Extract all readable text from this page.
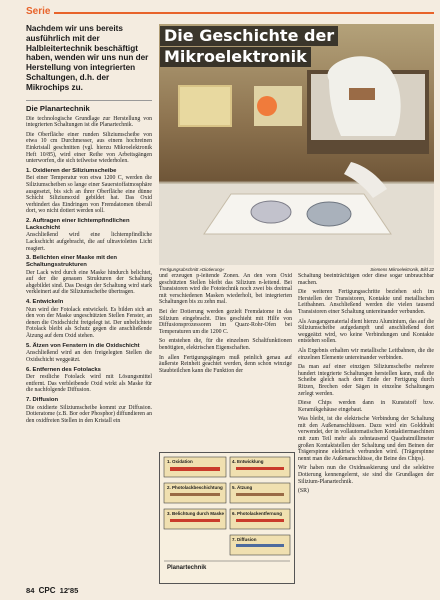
Serie
Nachdem wir uns bereits ausführlich mit der Halbleitertechnik beschäftigt haben, wenden wir uns nun der Herstellung von integrierten Schaltungen, d.h. der Mikrochips zu.
Die Planartechnik

Die technologische Grundlage zur Herstellung von integrierten Schaltungen ist die Planartechnik.

Die Oberfläche einer runden Siliziumscheibe von etwa 10 cm Durchmesser, aus einem hochreinen Einkristall geschnitten (vgl. hierzu Mikroelektronik Heft 10/85), wird einer Reihe von Arbeitsgängen unterworfen, die sich teilweise wiederholen.

1. Oxidieren der Siliziumscheibe

Bei einer Temperatur von etwa 1200 C, werden die Siliziumscheiben so lange einer Sauerstoffatmosphäre ausgesetzt, bis sich an ihrer Oberfläche eine dünne Schicht Siliziumoxid gebildet hat. Das Oxid verhindert das Eindringen von Fremdatomen überall dort, wo nicht dotiert werden soll.

2. Auftragen einer lichtempfindlichen Lackschicht

Anschließend wird eine lichtempfindliche Lackschicht aufgebracht, die auf ultraviolettes Licht reagiert.

3. Belichten einer Maske mit den Schaltungsstrukturen

Der Lack wird durch eine Maske hindurch belichtet, auf der die genauen Strukturen der Schaltung abgebildet sind. Das Design der Schaltung wird stark verkleinert auf die Siliziumscheibe übertragen.

4. Entwickeln

Nun wird der Fotolack entwickelt. Es bilden sich an den von der Maske ungeschützten Stellen Fenster, an denen die Oxidschicht freigelegt ist. Der unbelichtete Fotolack bleibt als Schutz gegen die anschließende Ätzung auf dem Oxid stehen.

5. Ätzen von Fenstern in die Oxidschicht

Anschließend wird an den freigelegten Stellen die Oxidschicht weggeätzt.

6. Entfernen des Fotolacks

Der restliche Fotolack wird mit Lösungsmittel entfernt. Das verbleibende Oxid wirkt als Maske für die nachfolgende Diffusion.

7. Diffusion

Die oxidierte Siliziumscheibe kommt zur Diffusion. Dotieratome (z.B. Bor oder Phosphor) diffundieren an den oxidfreien Stellen in den Kristall ein

Die Geschichte der
Mikroelektronik
Fertigungsabschnitt »Diotierung«	Siemens Mikroelektronik, Bild 22

und erzeugen p-leitende Zonen. An den vom Oxid geschützten Stellen bleibt das Silizium n-leitend. Bei Transistoren wird die Fototechnik noch zwei bis dreimal mit verschiedenen Masken wiederholt, bei integrierten Schaltungen bis zu zehn mal.

Bei der Dotierung werden gezielt Fremdatome in das Silizium eingebracht. Dies geschieht mit Hilfe von Diffusionsprozessoren im Quarz-Rohr-Ofen bei Temperaturen um die 1200 C.

So entstehen die, für die einzelnen Schaltfunktionen benötigten, elektrischen Eigenschaften.

In allen Fertigungsgängen muß peinlich genau auf äußerste Reinheit geachtet werden, denn schon winzige Staubteilchen kann die Funktion der

1. Oxidation	4. Entwicklung
2. Photolackbeschichtung 5. Ätzung
3. Belichtung durch Maske 6. Photolackentfernung
7. Diffusion
Planartechnik

Schaltung beeinträchtigen oder diese sogar unbrauchbar machen.

Die weiteren Fertigungsschritte beziehen sich im Herstellen der Transistoren, Kontakte und metallischen Leitbahnen. Anschließend werden die vielen tausend Transistoren einer Schaltung untereinander verbunden.

Als Ausgangsmaterial dient hierzu Aluminium, das auf die Siliziumscheibe aufgedampft und anschließend dort weggeätzt wird, wo keine Verbindungen und Kontakte entstehen sollen.

Als Ergebnis erhalten wir metallische Leitbahnen, die die einzelnen Elemente untereinander verbinden.

Da man auf einer einzigen Siliziumscheibe mehrere hundert integrierte Schaltungen herstellen kann, muß die Scheibe gleich nach dem Ende der Fertigung durch Ritzen, Brechen oder Sägen in einzelne Schaltungen zerlegt werden.

Diese Chips werden dann in Kunststoff bzw. Keramikgehäuse eingebaut.

Was bleibt, ist die elektrische Verbindung der Schaltung mit den Außenanschlüssen. Dazu wird ein Golddraht verwendet, der in vollautomatischen Kontaktiermaschinen mit zum Teil mehr als zehntausend Quadratmillimeter großen Kontaktstellen der Schaltung und den Beinen der Trägerspinne elektrisch verbunden wird. (Trägerspinne nennt man die Außenanschlüsse, die Beine des Chips).

Wir haben nun die Oxidmaskierung und die selektive Dotierung kennengelernt, sie sind die Grundlagen der Silizium-Planartechnik.

(SR)

84 CPC 12'85
